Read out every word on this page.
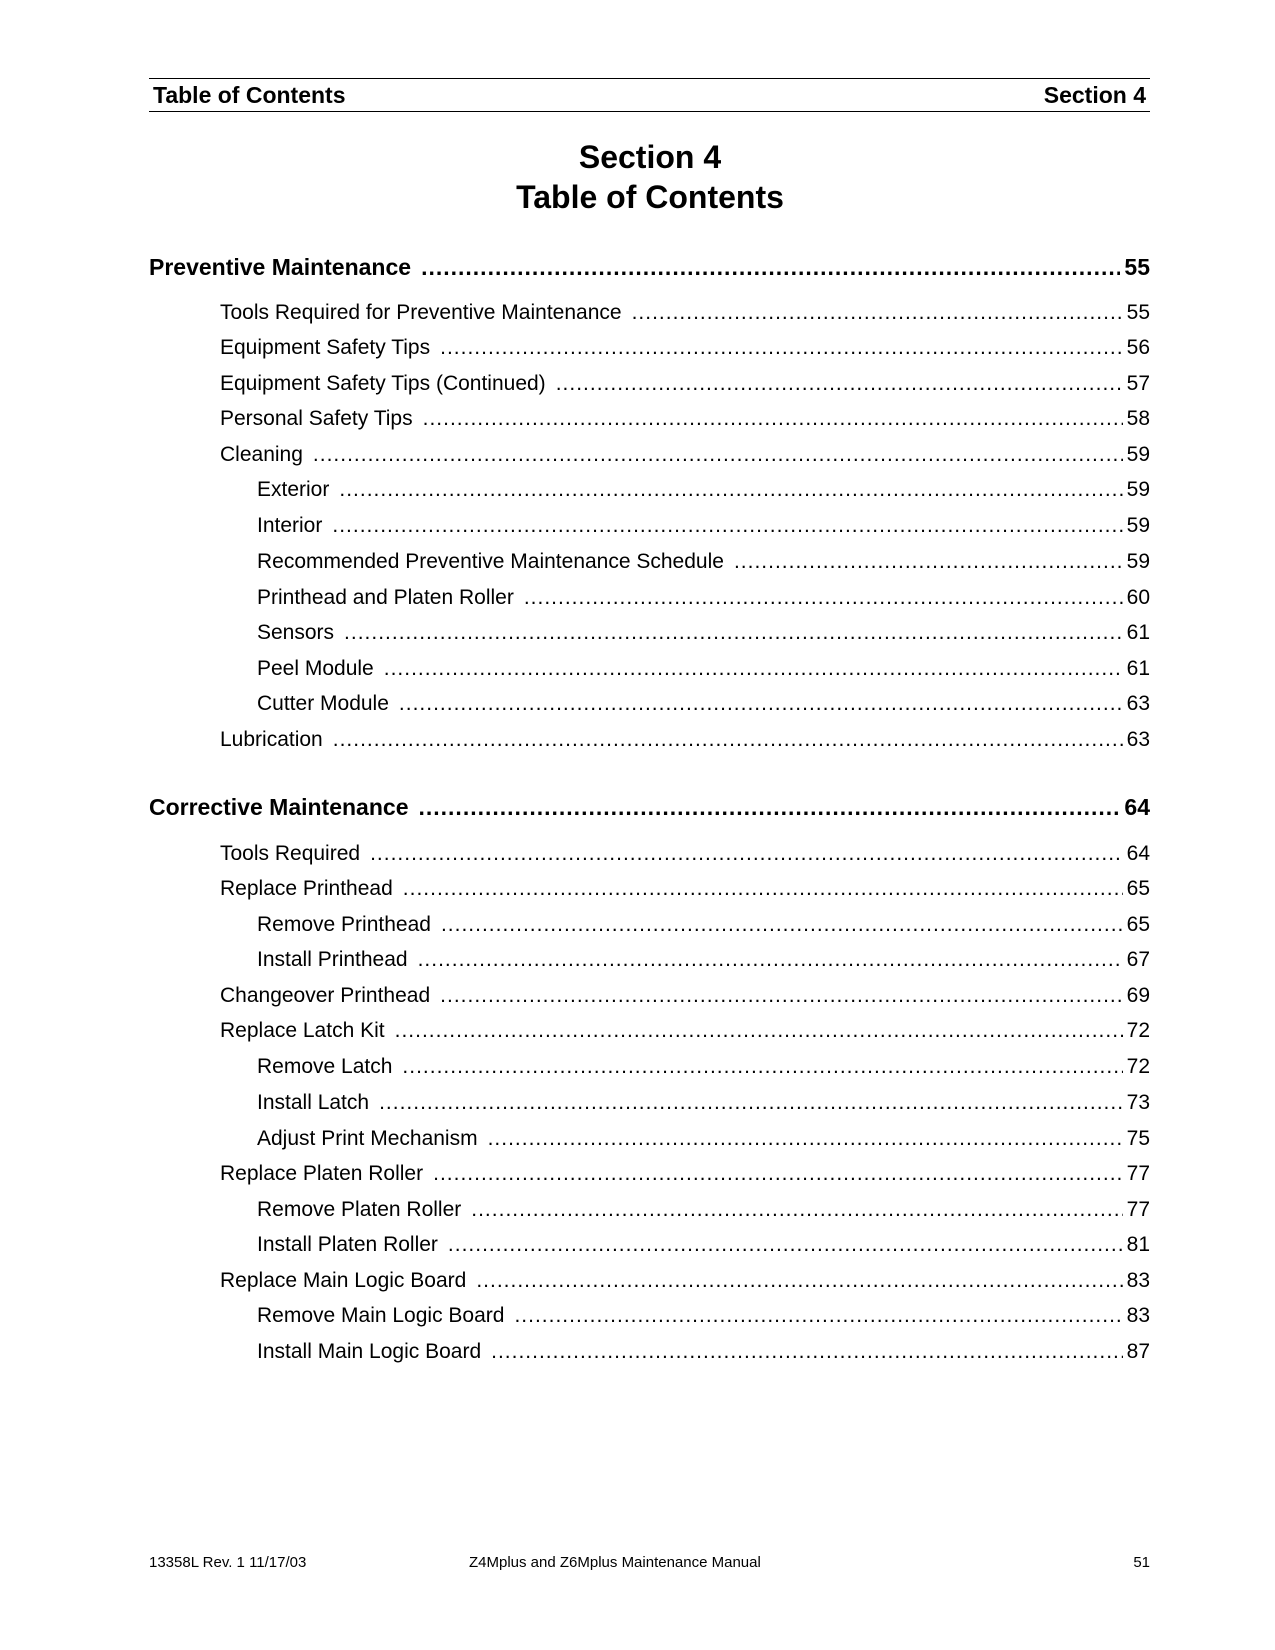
Table of Contents	Section 4
Section 4
Table of Contents
Preventive Maintenance .....	55
Tools Required for Preventive Maintenance .....	55
Equipment Safety Tips .....	56
Equipment Safety Tips (Continued) .....	57
Personal Safety Tips .....	58
Cleaning .....	59
Exterior .....	59
Interior .....	59
Recommended Preventive Maintenance Schedule .....	59
Printhead and Platen Roller .....	60
Sensors .....	61
Peel Module .....	61
Cutter Module .....	63
Lubrication .....	63
Corrective Maintenance .....	64
Tools Required .....	64
Replace Printhead .....	65
Remove Printhead .....	65
Install Printhead .....	67
Changeover Printhead .....	69
Replace Latch Kit .....	72
Remove Latch .....	72
Install Latch .....	73
Adjust Print Mechanism .....	75
Replace Platen Roller .....	77
Remove Platen Roller .....	77
Install Platen Roller .....	81
Replace Main Logic Board .....	83
Remove Main Logic Board .....	83
Install Main Logic Board .....	87
13358L Rev. 1 11/17/03	Z4Mplus and Z6Mplus Maintenance Manual	51
